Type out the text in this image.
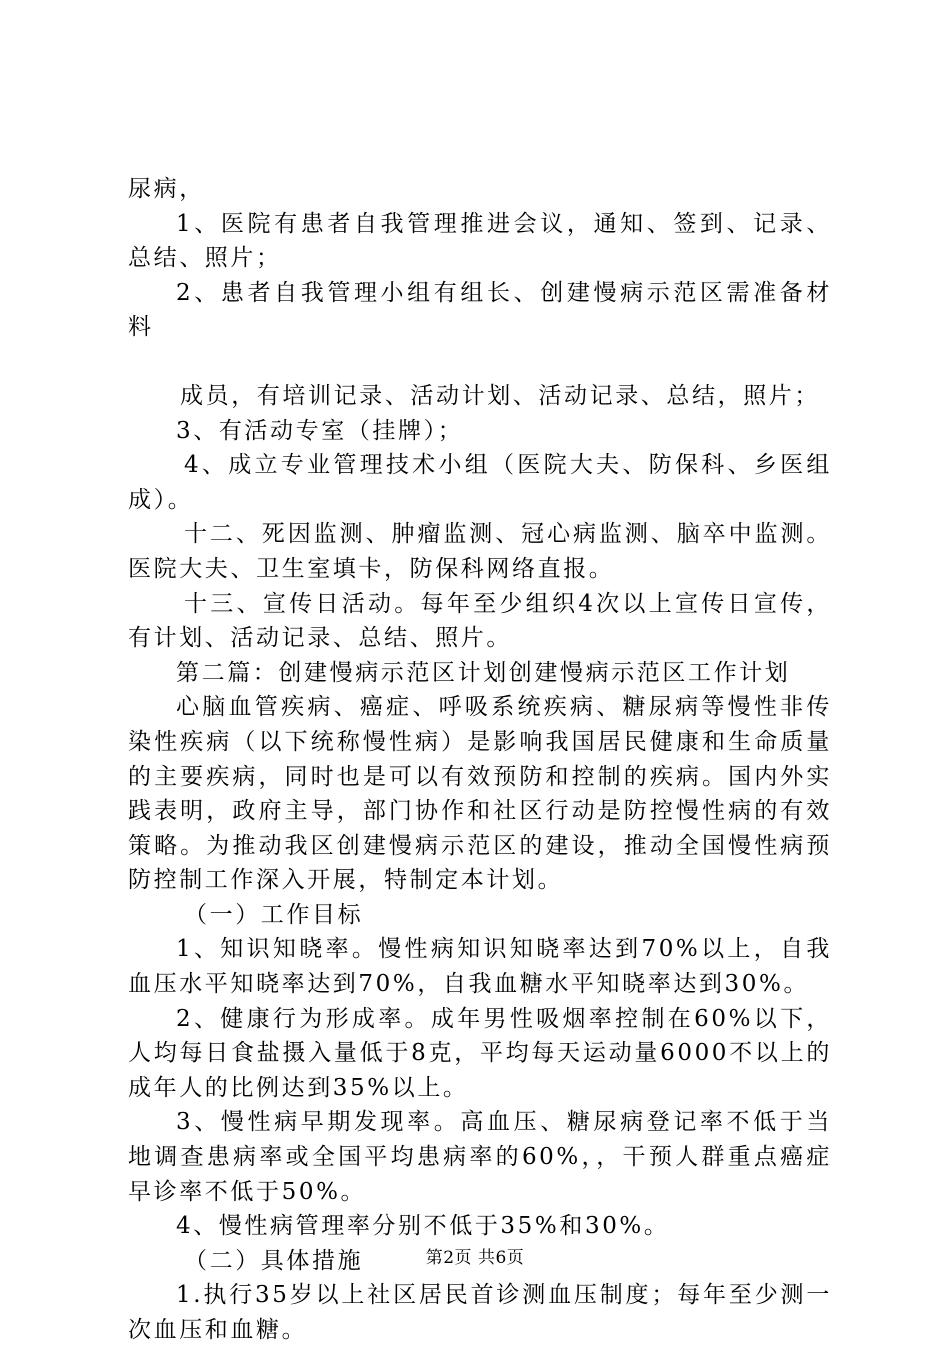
尿病，

1、医院有患者自我管理推进会议，通知、签到、记录、总结、照片；

2、患者自我管理小组有组长、创建慢病示范区需准备材料

成员，有培训记录、活动计划、活动记录、总结，照片；

3、有活动专室（挂牌）；

4、成立专业管理技术小组（医院大夫、防保科、乡医组成）。

十二、死因监测、肿瘤监测、冠心病监测、脑卒中监测。医院大夫、卫生室填卡，防保科网络直报。

十三、宣传日活动。每年至少组织4次以上宣传日宣传，有计划、活动记录、总结、照片。

第二篇：创建慢病示范区计划创建慢病示范区工作计划

心脑血管疾病、癌症、呼吸系统疾病、糖尿病等慢性非传染性疾病（以下统称慢性病）是影响我国居民健康和生命质量的主要疾病，同时也是可以有效预防和控制的疾病。国内外实践表明，政府主导，部门协作和社区行动是防控慢性病的有效策略。为推动我区创建慢病示范区的建设，推动全国慢性病预防控制工作深入开展，特制定本计划。

（一）工作目标

1、知识知晓率。慢性病知识知晓率达到70%以上，自我血压水平知晓率达到70%，自我血糖水平知晓率达到30%。

2、健康行为形成率。成年男性吸烟率控制在60%以下，人均每日食盐摄入量低于8克，平均每天运动量6000不以上的成年人的比例达到35%以上。

3、慢性病早期发现率。高血压、糖尿病登记率不低于当地调查患病率或全国平均患病率的60%，，干预人群重点癌症早诊率不低于50%。

4、慢性病管理率分别不低于35%和30%。

（二）具体措施

1.执行35岁以上社区居民首诊测血压制度；每年至少测一次血压和血糖。

第2页 共6页
